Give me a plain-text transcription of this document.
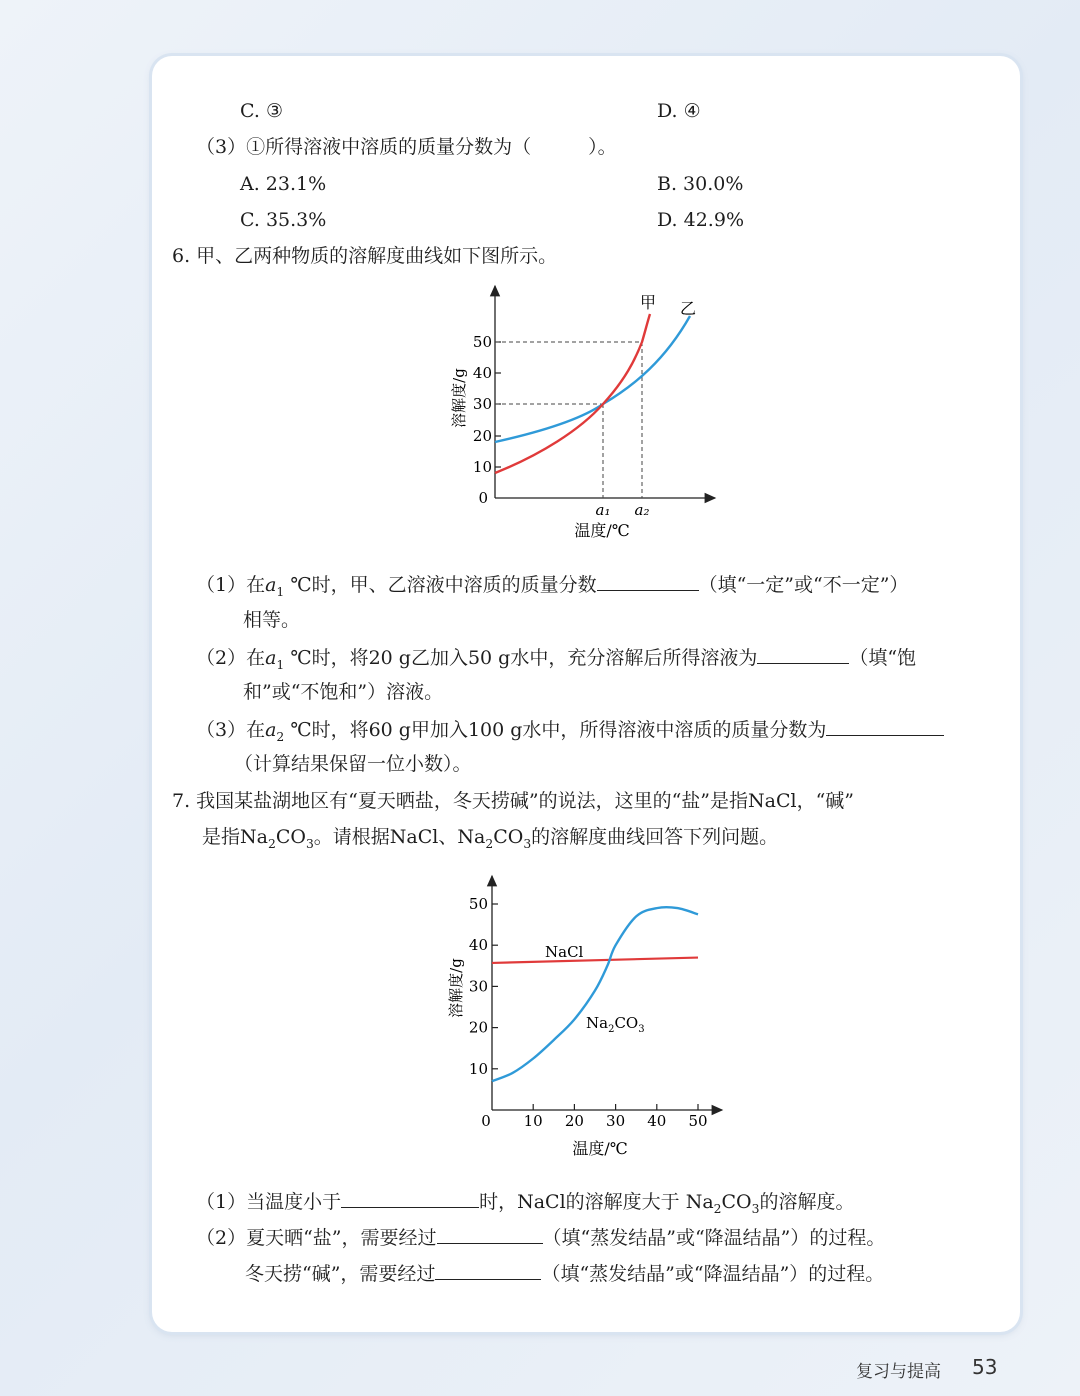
C. ③	D. ④
（3）①所得溶液中溶质的质量分数为（　　　）。
A. 23.1%	B. 30.0%
C. 35.3%	D. 42.9%
6. 甲、乙两种物质的溶解度曲线如下图所示。
0
10
20
30
40
50
a₁ a₂
甲 乙
温度/℃
溶解度/g
（1）在$a_1$ ℃时，甲、乙溶液中溶质的质量分数	（填“一定”或“不一定”）
相等。
（2）在$a_1$ ℃时，将20 g乙加入50 g水中，充分溶解后所得溶液为	（填“饱
和”或“不饱和”）溶液。
（3）在$a_2$ ℃时，将60 g甲加入100 g水中，所得溶液中溶质的质量分数为
（计算结果保留一位小数）。
7. 我国某盐湖地区有“夏天晒盐，冬天捞碱”的说法，这里的“盐”是指NaCl，“碱”
是指$Na_2CO_3$。请根据NaCl、$Na_2CO_3$的溶解度曲线回答下列问题。
10 20 30 40 50
10
20
30
40
50
0
NaCl
$Na_2CO_3$
温度/℃
溶解度/g
（1）当温度小于	时，NaCl的溶解度大于 $Na_2CO_3$的溶解度。
（2）夏天晒“盐”，需要经过	（填“蒸发结晶”或“降温结晶”）的过程。
冬天捞“碱”，需要经过	（填“蒸发结晶”或“降温结晶”）的过程。
复习与提高 53
